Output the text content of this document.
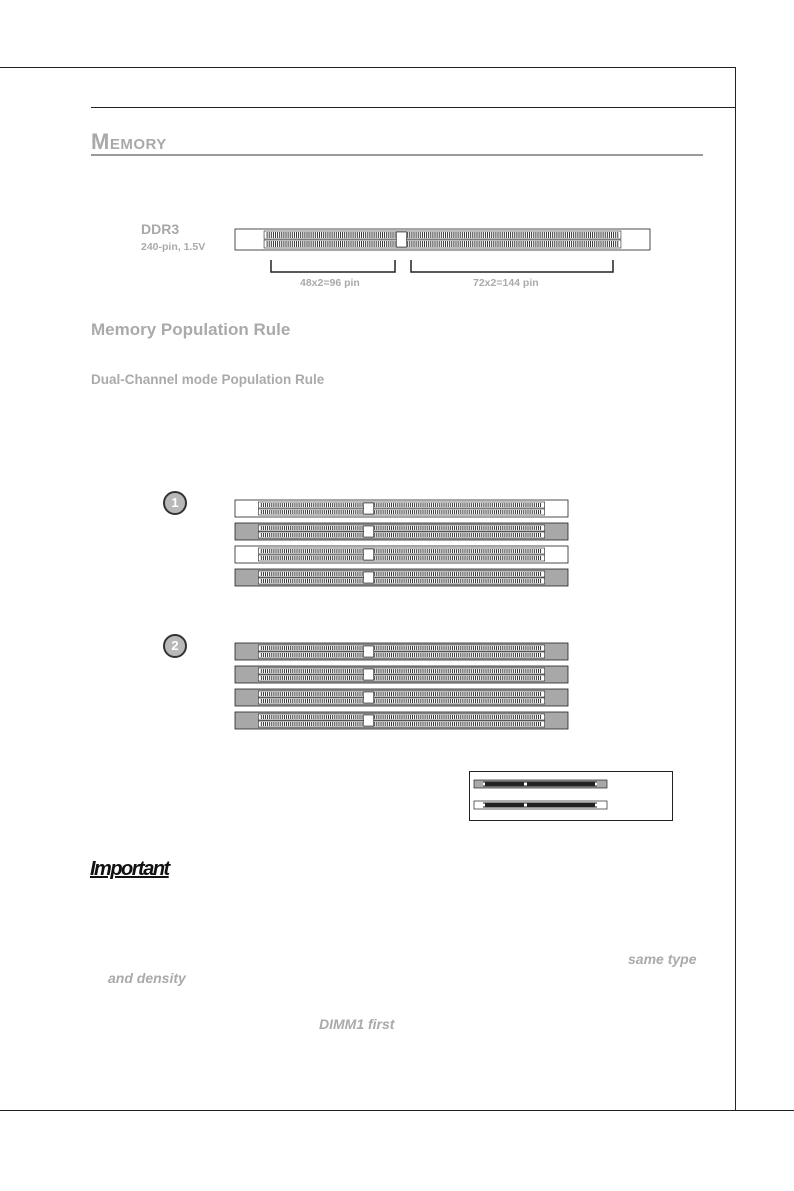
Memory
DDR3
240-pin, 1.5V
48x2=96 pin	72x2=144 pin
Memory Population Rule
Dual-Channel mode Population Rule
1
2
Important
same type
and density
DIMM1 first
